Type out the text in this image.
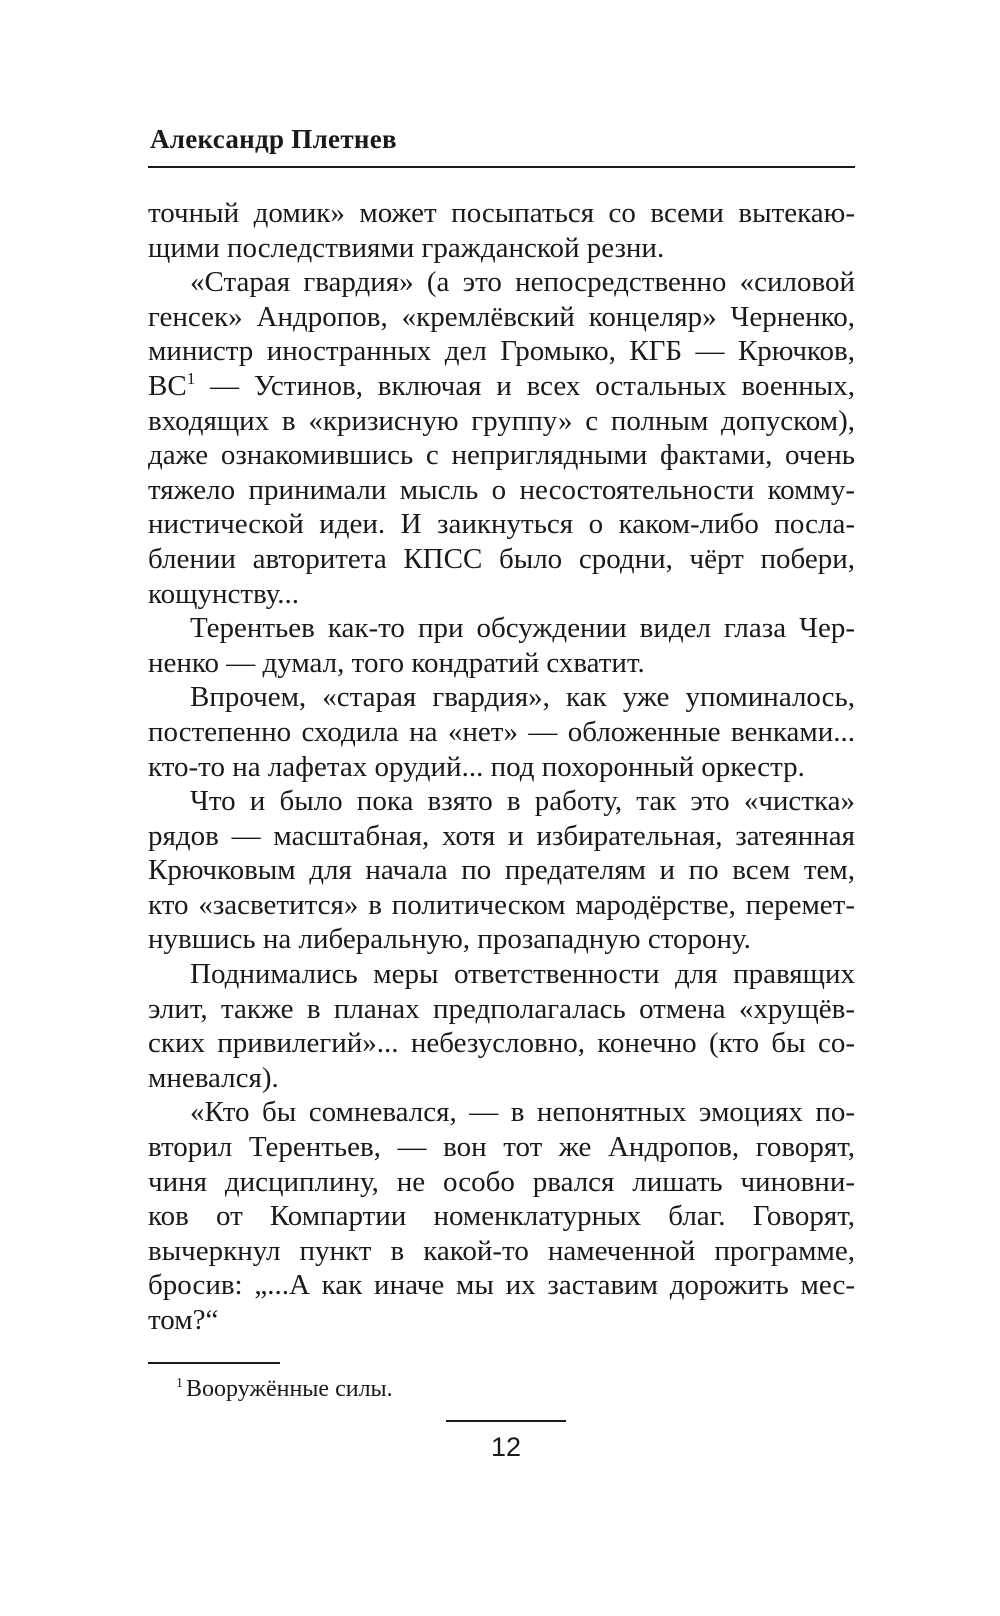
Александр Плетнев
точный домик» может посыпаться со всеми вытекаю-
щими последствиями гражданской резни.
«Старая гвардия» (а это непосредственно «силовой
генсек» Андропов, «кремлёвский концеляр» Черненко,
министр иностранных дел Громыко, КГБ — Крючков,
ВС$^1$ — Устинов, включая и всех остальных военных,
входящих в «кризисную группу» с полным допуском),
даже ознакомившись с неприглядными фактами, очень
тяжело принимали мысль о несостоятельности комму-
нистической идеи. И заикнуться о каком-либо посла-
блении авторитета КПСС было сродни, чёрт побери,
кощунству...
Терентьев как-то при обсуждении видел глаза Чер-
ненко — думал, того кондратий схватит.
Впрочем, «старая гвардия», как уже упоминалось,
постепенно сходила на «нет» — обложенные венками...
кто-то на лафетах орудий... под похоронный оркестр.
Что и было пока взято в работу, так это «чистка»
рядов — масштабная, хотя и избирательная, затеянная
Крючковым для начала по предателям и по всем тем,
кто «засветится» в политическом мародёрстве, перемет-
нувшись на либеральную, прозападную сторону.
Поднимались меры ответственности для правящих
элит, также в планах предполагалась отмена «хрущёв-
ских привилегий»... небезусловно, конечно (кто бы со-
мневался).
«Кто бы сомневался, — в непонятных эмоциях по-
вторил Терентьев, — вон тот же Андропов, говорят,
чиня дисциплину, не особо рвался лишать чиновни-
ков от Компартии номенклатурных благ. Говорят,
вычеркнул пункт в какой-то намеченной программе,
бросив: „...А как иначе мы их заставим дорожить мес-
том?“
$^1$ Вооружённые силы.
12
